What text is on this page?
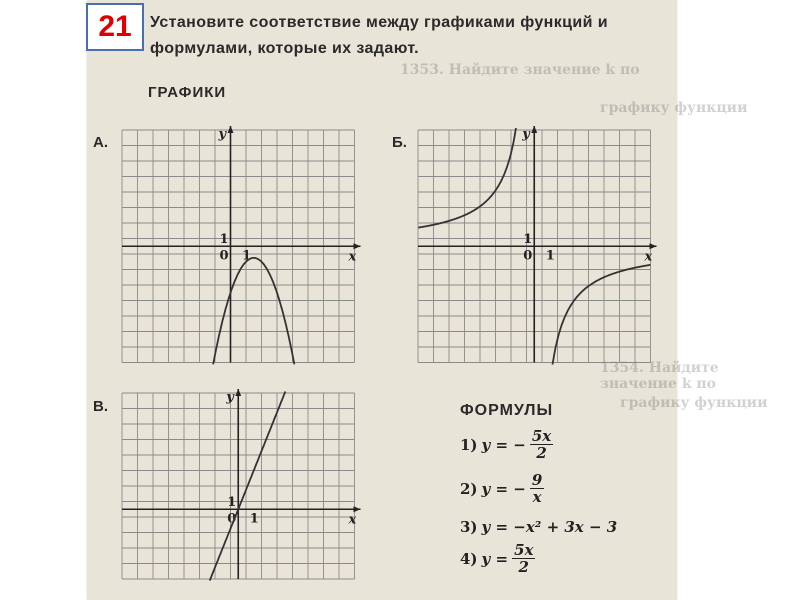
21 Установите соответствие между графиками функций и формулами, которые их задают.
1353. Найдите значение k по
графику функции
1354. Найдите значение k по
графику функции
ГРАФИКИ
А.	Б.
В.
y
x
1
0 1
y
x
1
0 1
y
x
1
0 1
ФОРМУЛЫ
1) y = − $\frac{5x}{2}$
2) y = − $\frac{9}{x}$
3) y = −x² + 3x − 3
4) $y = \frac{5x}{2}$
